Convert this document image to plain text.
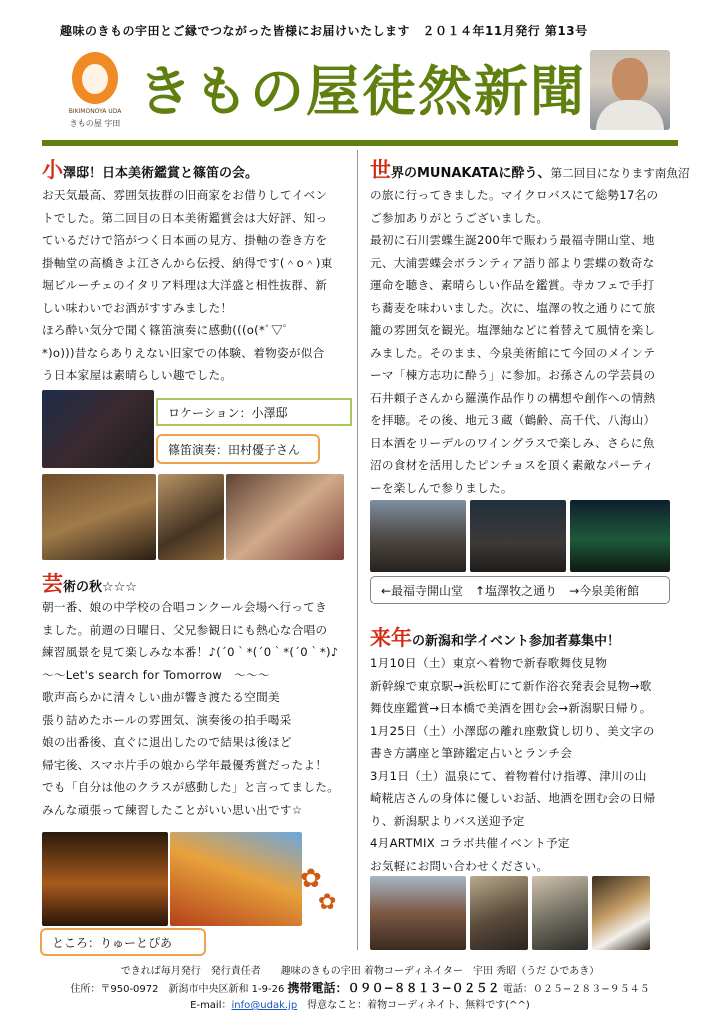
趣味のきもの宇田とご縁でつながった皆様にお届けいたします　２０１４年11月発行 第13号
BIKIMONOYA UDA
きもの屋 宇田
きもの屋徒然新聞
小澤邸！日本美術鑑賞と篠笛の会。

お天気最高、雰囲気抜群の旧商家をお借りしてイベン

トでした。第二回目の日本美術鑑賞会は大好評、知っ

ているだけで箔がつく日本画の見方、掛軸の巻き方を

掛軸堂の高橋きよ江さんから伝授、納得です(＾o＾)東

堀ビルーチェのイタリア料理は大洋盛と相性抜群、新

しい味わいでお酒がすすみました！

ほろ酔い気分で聞く篠笛演奏に感動(((o(*ﾟ▽ﾟ

*)o)))昔ならありえない旧家での体験、着物姿が似合

う日本家屋は素晴らしい趣でした。

ロケーション：小澤邸
篠笛演奏：田村優子さん
芸術の秋☆☆☆

朝一番、娘の中学校の合唱コンクール会場へ行ってき

ました。前週の日曜日、父兄参観日にも熱心な合唱の

練習風景を見て楽しみな本番！♪(´0｀*(´0｀*(´0｀*)♪

～～Let's search for Tomorrow　～～～

歌声高らかに清々しい曲が響き渡たる空間美

張り詰めたホールの雰囲気、演奏後の拍手喝采

娘の出番後、直ぐに退出したので結果は後ほど

帰宅後、スマホ片手の娘から学年最優秀賞だったよ！

でも「自分は他のクラスが感動した」と言ってました。

みんな頑張って練習したことがいい思い出です☆

✿
✿
ところ：りゅーとぴあ
世界のMUNAKATAに酔う、第二回目になります南魚沼

の旅に行ってきました。マイクロバスにて総勢17名の

ご参加ありがとうございました。

最初に石川雲蝶生誕200年で賑わう最福寺開山堂、地

元、大浦雲蝶会ボランティア語り部より雲蝶の数奇な

運命を聴き、素晴らしい作品を鑑賞。寺カフェで手打

ち蕎麦を味わいました。次に、塩澤の牧之通りにて旅

籠の雰囲気を観光。塩澤紬などに着替えて風情を楽し

みました。そのまま、今泉美術館にて今回のメインテ

ーマ「棟方志功に酔う」に参加。お孫さんの学芸員の

石井頼子さんから羅漢作品作りの構想や創作への情熱

を拝聴。その後、地元３蔵（鶴齢、高千代、八海山）

日本酒をリーデルのワイングラスで楽しみ、さらに魚

沼の食材を活用したピンチョスを頂く素敵なパーティ

ーを楽しんで参りました。

←最福寺開山堂　↑塩澤牧之通り　→今泉美術館
来年の新潟和学イベント参加者募集中！

1月10日（土）東京へ着物で新春歌舞伎見物

新幹線で東京駅→浜松町にて新作浴衣発表会見物→歌

舞伎座鑑賞→日本橋で美酒を囲む会→新潟駅日帰り。

1月25日（土）小澤邸の離れ座敷貸し切り、美文字の

書き方講座と筆跡鑑定占いとランチ会

3月1日（土）温泉にて、着物着付け指導、津川の山

崎糀店さんの身体に優しいお話、地酒を囲む会の日帰

り、新潟駅よりバス送迎予定

4月ARTMIX コラボ共催イベント予定

お気軽にお問い合わせください。

できれば毎月発行　発行責任者　　趣味のきもの宇田 着物コーディネイター　宇田 秀昭（うだ ひであき）
住所：〒950-0972　新潟市中央区新和 1-9-26 携帯電話：０９０−８８１３−０２５２ 電話：０２５−２８３−９５４５
E-mail：info@udak.jp　得意なこと：着物コーディネイト、無料です(^^)
